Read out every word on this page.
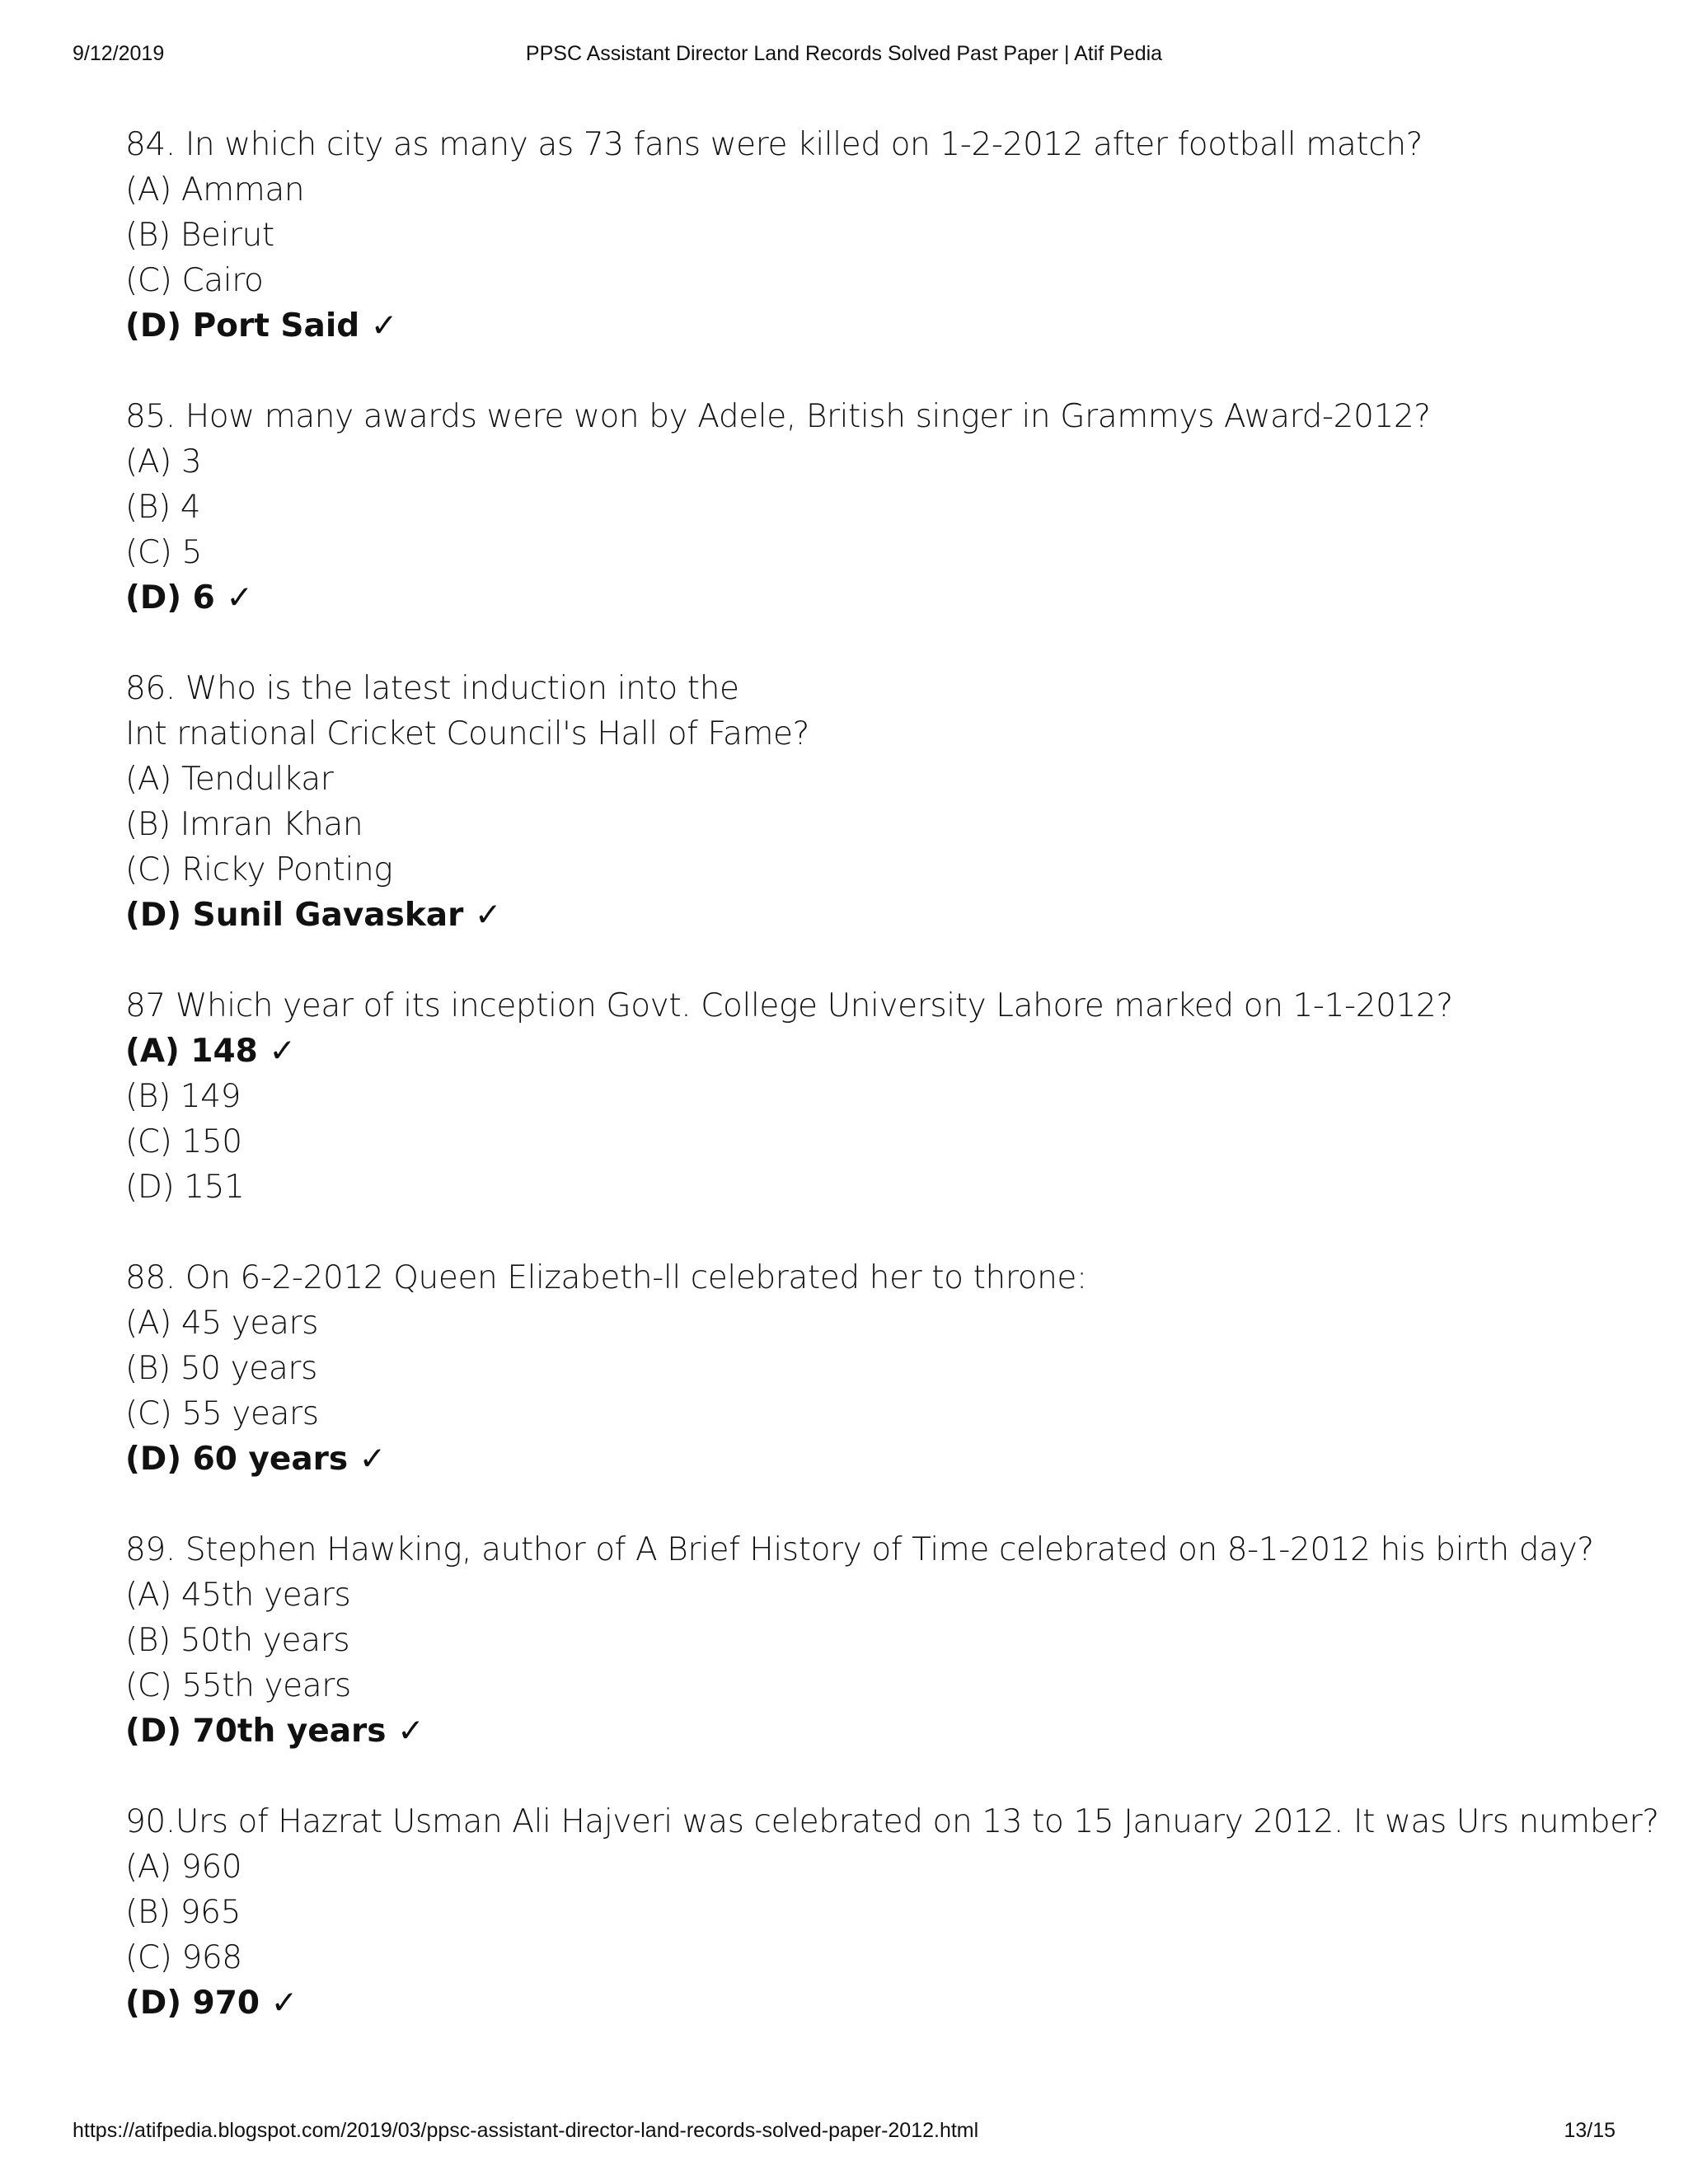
9/12/2019	PPSC Assistant Director Land Records Solved Past Paper | Atif Pedia
84. In which city as many as 73 fans were killed on 1-2-2012 after football match?
(A) Amman
(B) Beirut
(C) Cairo
(D) Port Said ✓
85. How many awards were won by Adele, British singer in Grammys Award-2012?
(A) 3
(B) 4
(C) 5
(D) 6 ✓
86. Who is the latest induction into the
Int rnational Cricket Council's Hall of Fame?
(A) Tendulkar
(B) Imran Khan
(C) Ricky Ponting
(D) Sunil Gavaskar ✓
87 Which year of its inception Govt. College University Lahore marked on 1-1-2012?
(A) 148 ✓
(B) 149
(C) 150
(D) 151
88. On 6-2-2012 Queen Elizabeth-ll celebrated her to throne:
(A) 45 years
(B) 50 years
(C) 55 years
(D) 60 years ✓
89. Stephen Hawking, author of A Brief History of Time celebrated on 8-1-2012 his birth day?
(A) 45th years
(B) 50th years
(C) 55th years
(D) 70th years ✓
90.Urs of Hazrat Usman Ali Hajveri was celebrated on 13 to 15 January 2012. It was Urs number?
(A) 960
(B) 965
(C) 968
(D) 970 ✓
https://atifpedia.blogspot.com/2019/03/ppsc-assistant-director-land-records-solved-paper-2012.html	13/15
